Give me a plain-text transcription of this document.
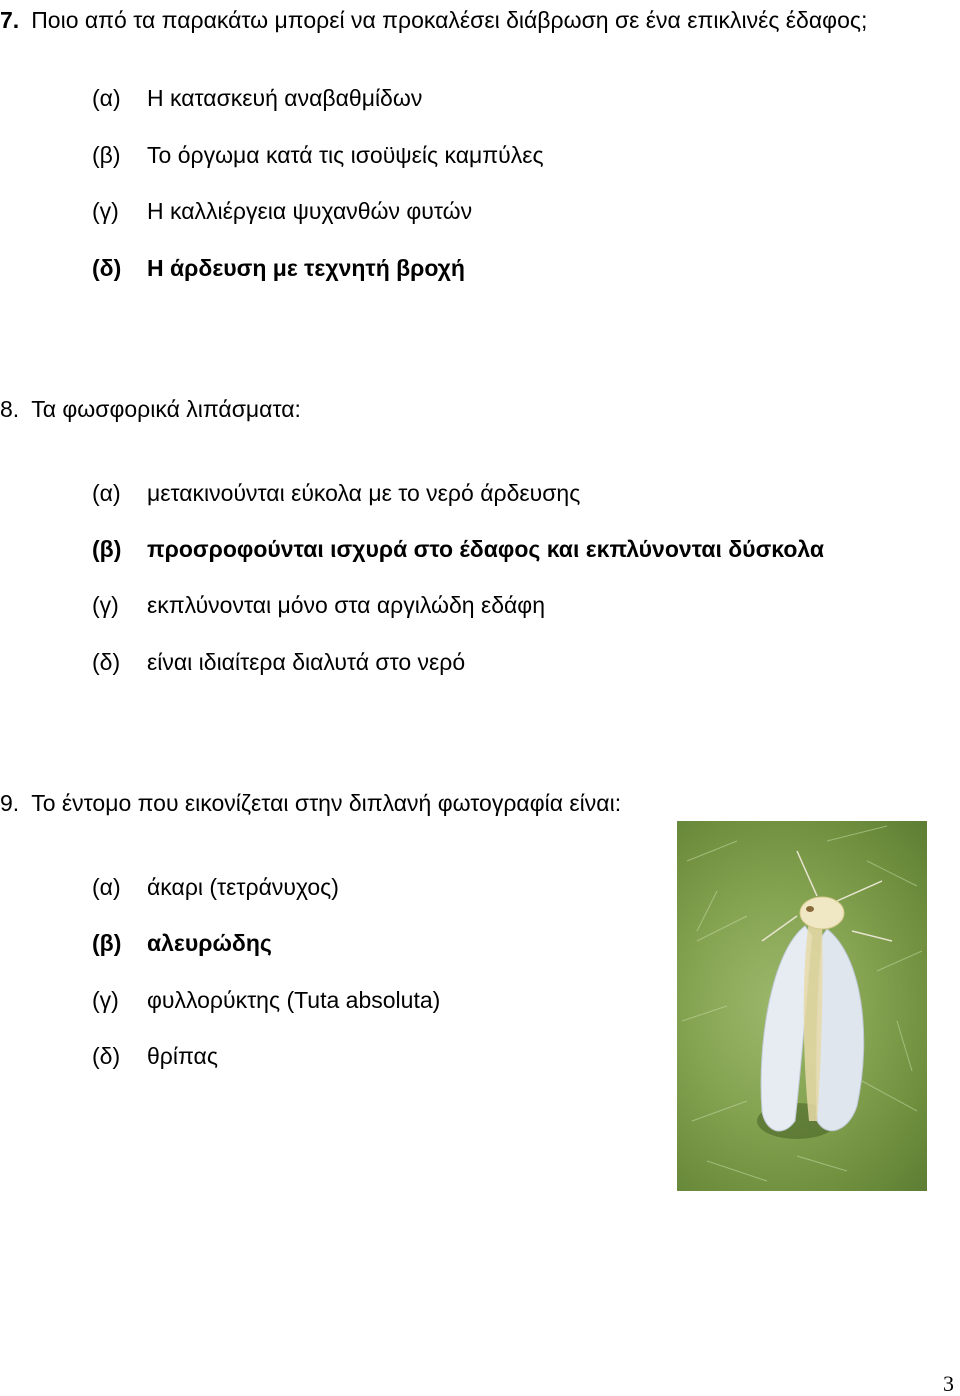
7. Ποιο από τα παρακάτω μπορεί να προκαλέσει διάβρωση σε ένα επικλινές έδαφος;
(α) Η κατασκευή αναβαθμίδων
(β) Το όργωμα κατά τις ισοϋψείς καμπύλες
(γ) Η καλλιέργεια ψυχανθών φυτών
(δ) Η άρδευση με τεχνητή βροχή
8. Τα φωσφορικά λιπάσματα:
(α) μετακινούνται εύκολα με το νερό άρδευσης
(β) προσροφούνται ισχυρά στο έδαφος και εκπλύνονται δύσκολα
(γ) εκπλύνονται μόνο στα αργιλώδη εδάφη
(δ) είναι ιδιαίτερα διαλυτά στο νερό
9. Το έντομο που εικονίζεται στην διπλανή φωτογραφία είναι:
(α) άκαρι (τετράνυχος)
(β) αλευρώδης
(γ) φυλλορύκτης (Tuta absoluta)
(δ) θρίπας
3
